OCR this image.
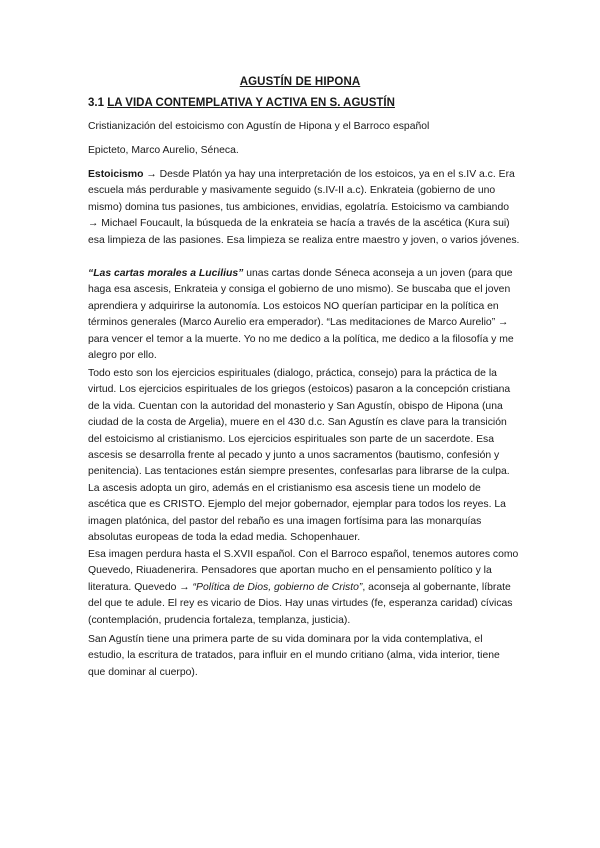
AGUSTÍN DE HIPONA
3.1 LA VIDA CONTEMPLATIVA Y ACTIVA EN S. AGUSTÍN

Cristianización del estoicismo con Agustín de Hipona y el Barroco español

Epicteto, Marco Aurelio, Séneca.

Estoicismo → Desde Platón ya hay una interpretación de los estoicos, ya en el s.IV a.c. Era escuela más perdurable y masivamente seguido (s.IV-II a.c). Enkrateia (gobierno de uno mismo) domina tus pasiones, tus ambiciones, envidias, egolatría. Estoicismo va cambiando → Michael Foucault, la búsqueda de la enkrateia se hacía a través de la ascética (Kura sui) esa limpieza de las pasiones. Esa limpieza se realiza entre maestro y joven, o varios jóvenes.

“Las cartas morales a Lucilius” unas cartas donde Séneca aconseja a un joven (para que haga esa ascesis, Enkrateia y consiga el gobierno de uno mismo). Se buscaba que el joven aprendiera y adquirirse la autonomía. Los estoicos NO querían participar en la política en términos generales (Marco Aurelio era emperador). “Las meditaciones de Marco Aurelio” → para vencer el temor a la muerte. Yo no me dedico a la política, me dedico a la filosofía y me alegro por ello.

Todo esto son los ejercicios espirituales (dialogo, práctica, consejo) para la práctica de la virtud. Los ejercicios espirituales de los griegos (estoicos) pasaron a la concepción cristiana de la vida. Cuentan con la autoridad del monasterio y San Agustín, obispo de Hipona (una ciudad de la costa de Argelia), muere en el 430 d.c. San Agustín es clave para la transición del estoicismo al cristianismo. Los ejercicios espirituales son parte de un sacerdote. Esa ascesis se desarrolla frente al pecado y junto a unos sacramentos (bautismo, confesión y penitencia). Las tentaciones están siempre presentes, confesarlas para librarse de la culpa. La ascesis adopta un giro, además en el cristianismo esa ascesis tiene un modelo de ascética que es CRISTO. Ejemplo del mejor gobernador, ejemplar para todos los reyes. La imagen platónica, del pastor del rebaño es una imagen fortísima para las monarquías absolutas europeas de toda la edad media. Schopenhauer.

Esa imagen perdura hasta el S.XVII español. Con el Barroco español, tenemos autores como Quevedo, Riuadenerira. Pensadores que aportan mucho en el pensamiento político y la literatura. Quevedo → “Política de Dios, gobierno de Cristo”, aconseja al gobernante, líbrate del que te adule. El rey es vicario de Dios. Hay unas virtudes (fe, esperanza caridad) cívicas (contemplación, prudencia fortaleza, templanza, justicia).

San Agustín tiene una primera parte de su vida dominara por la vida contemplativa, el estudio, la escritura de tratados, para influir en el mundo critiano (alma, vida interior, tiene que dominar al cuerpo).
